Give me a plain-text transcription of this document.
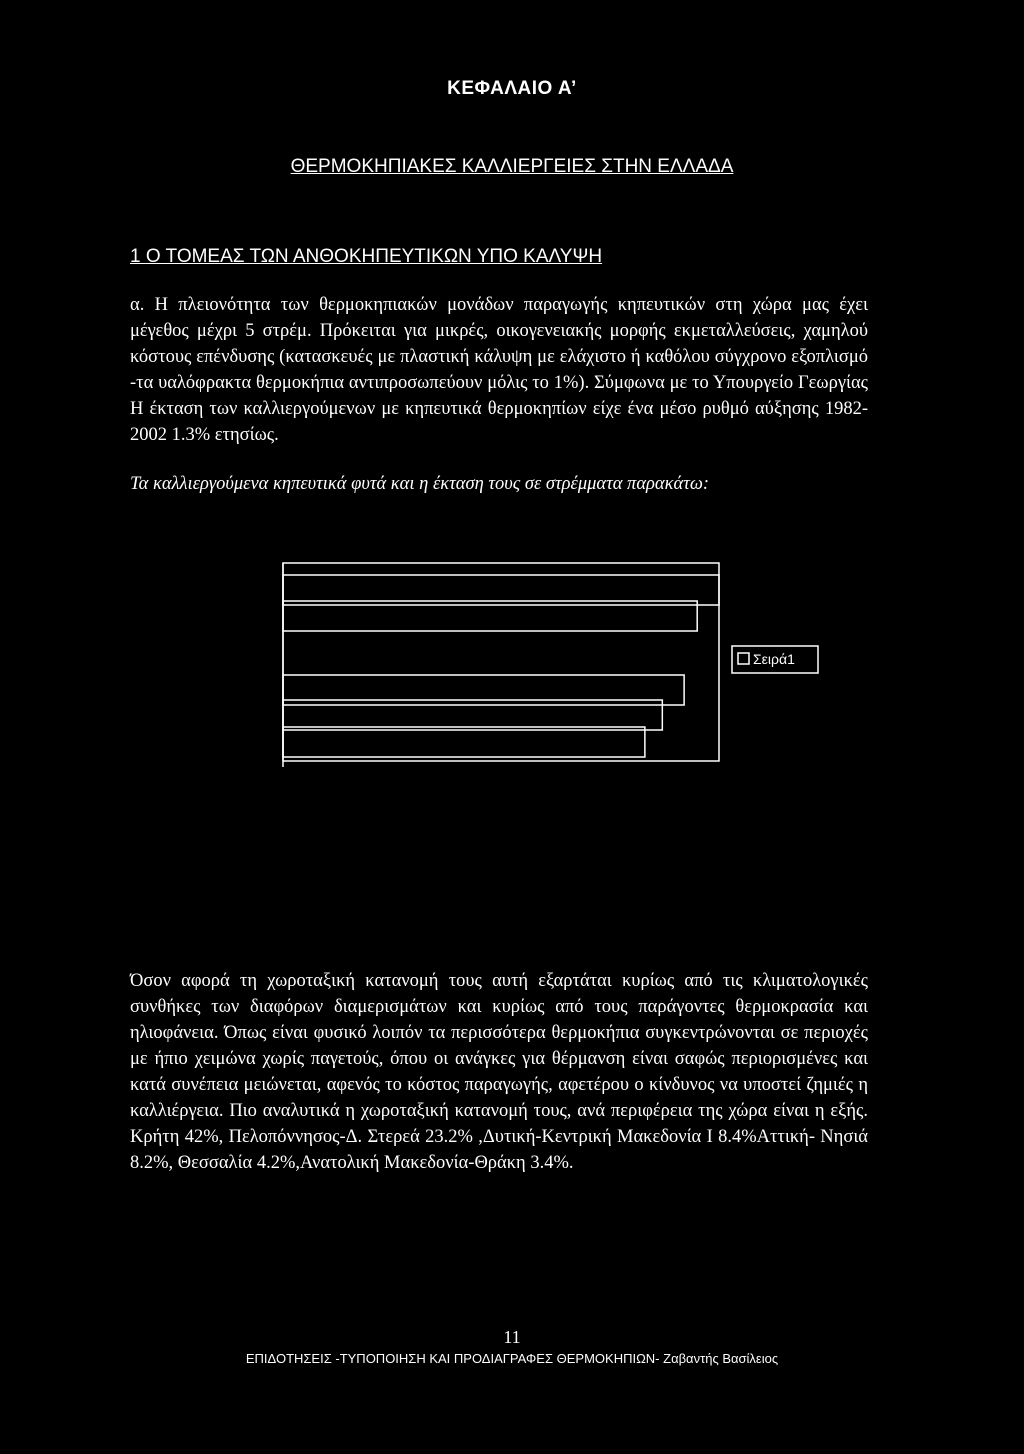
ΚΕΦΑΛΑΙΟ Α’
ΘΕΡΜΟΚΗΠΙΑΚΕΣ ΚΑΛΛΙΕΡΓΕΙΕΣ ΣΤΗΝ ΕΛΛΑΔΑ
1 Ο ΤΟΜΕΑΣ ΤΩΝ ΑΝΘΟΚΗΠΕΥΤΙΚΩΝ ΥΠΟ ΚΑΛΥΨΗ
α. Η πλειονότητα των θερμοκηπιακών μονάδων παραγωγής κηπευτικών στη χώρα μας έχει μέγεθος μέχρι 5 στρέμ. Πρόκειται για μικρές, οικογενειακής μορφής εκμεταλλεύσεις, χαμηλού κόστους επένδυσης (κατασκευές με πλαστική κάλυψη με ελάχιστο ή καθόλου σύγχρονο εξοπλισμό -τα υαλόφρακτα θερμοκήπια αντιπροσωπεύουν μόλις το 1%). Σύμφωνα με το Υπουργείο Γεωργίας Η έκταση των καλλιεργούμενων με κηπευτικά θερμοκηπίων είχε ένα μέσο ρυθμό αύξησης 1982-2002 1.3% ετησίως.
Τα καλλιεργούμενα κηπευτικά φυτά και η έκταση τους σε στρέμματα παρακάτω:
Σειρά1
Όσον αφορά τη χωροταξική κατανομή τους αυτή εξαρτάται κυρίως από τις κλιματολογικές συνθήκες των διαφόρων διαμερισμάτων και κυρίως από τους παράγοντες θερμοκρασία και ηλιοφάνεια. Όπως είναι φυσικό λοιπόν τα περισσότερα θερμοκήπια συγκεντρώνονται σε περιοχές με ήπιο χειμώνα χωρίς παγετούς, όπου οι ανάγκες για θέρμανση είναι σαφώς περιορισμένες και κατά συνέπεια μειώνεται, αφενός το κόστος παραγωγής, αφετέρου ο κίνδυνος να υποστεί ζημιές η καλλιέργεια. Πιο αναλυτικά η χωροταξική κατανομή τους, ανά περιφέρεια της χώρα είναι η εξής. Κρήτη 42%, Πελοπόννησος-Δ. Στερεά 23.2% ,Δυτική-Κεντρική Μακεδονία Ι 8.4%Αττική- Νησιά 8.2%, Θεσσαλία 4.2%,Ανατολική Μακεδονία-Θράκη 3.4%.
11
ΕΠΙΔΟΤΗΣΕΙΣ -ΤΥΠΟΠΟΙΗΣΗ ΚΑΙ ΠΡΟΔΙΑΓΡΑΦΕΣ ΘΕΡΜΟΚΗΠΙΩΝ- Ζαβαντής Βασίλειος
